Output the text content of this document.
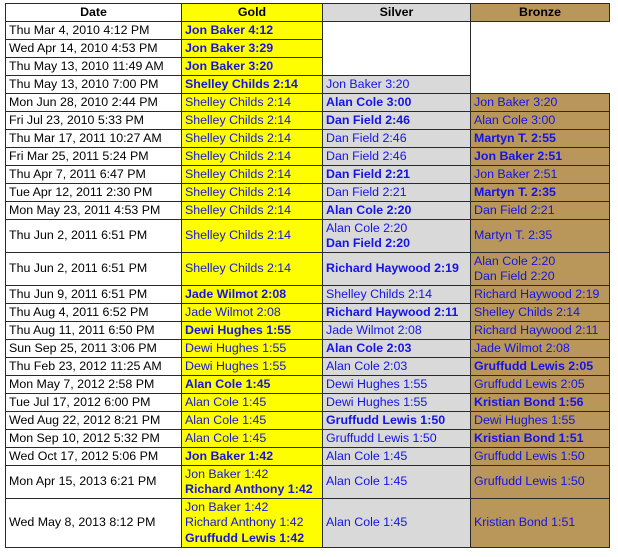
Date	Gold	Silver	Bronze
Thu Mar 4, 2010 4:12 PM	Jon Baker 4:12		

Wed Apr 14, 2010 4:53 PM	Jon Baker 3:29		

Thu May 13, 2010 11:49 AM	Jon Baker 3:20		

Thu May 13, 2010 7:00 PM	Shelley Childs 2:14	Jon Baker 3:20	

Mon Jun 28, 2010 2:44 PM	Shelley Childs 2:14	Alan Cole 3:00	Jon Baker 3:20

Fri Jul 23, 2010 5:33 PM	Shelley Childs 2:14	Dan Field 2:46	Alan Cole 3:00

Thu Mar 17, 2011 10:27 AM	Shelley Childs 2:14	Dan Field 2:46	Martyn T. 2:55

Fri Mar 25, 2011 5:24 PM	Shelley Childs 2:14	Dan Field 2:46	Jon Baker 2:51

Thu Apr 7, 2011 6:47 PM	Shelley Childs 2:14	Dan Field 2:21	Jon Baker 2:51

Tue Apr 12, 2011 2:30 PM	Shelley Childs 2:14	Dan Field 2:21	Martyn T. 2:35

Mon May 23, 2011 4:53 PM	Shelley Childs 2:14	Alan Cole 2:20	Dan Field 2:21

Thu Jun 2, 2011 6:51 PM	Shelley Childs 2:14	Alan Cole 2:20
Dan Field 2:20	Martyn T. 2:35

Thu Jun 2, 2011 6:51 PM	Shelley Childs 2:14	Richard Haywood 2:19	Alan Cole 2:20
Dan Field 2:20

Thu Jun 9, 2011 6:51 PM	Jade Wilmot 2:08	Shelley Childs 2:14	Richard Haywood 2:19

Thu Aug 4, 2011 6:52 PM	Jade Wilmot 2:08	Richard Haywood 2:11	Shelley Childs 2:14

Thu Aug 11, 2011 6:50 PM	Dewi Hughes 1:55	Jade Wilmot 2:08	Richard Haywood 2:11

Sun Sep 25, 2011 3:06 PM	Dewi Hughes 1:55	Alan Cole 2:03	Jade Wilmot 2:08

Thu Feb 23, 2012 11:25 AM	Dewi Hughes 1:55	Alan Cole 2:03	Gruffudd Lewis 2:05

Mon May 7, 2012 2:58 PM	Alan Cole 1:45	Dewi Hughes 1:55	Gruffudd Lewis 2:05

Tue Jul 17, 2012 6:00 PM	Alan Cole 1:45	Dewi Hughes 1:55	Kristian Bond 1:56

Wed Aug 22, 2012 8:21 PM	Alan Cole 1:45	Gruffudd Lewis 1:50	Dewi Hughes 1:55

Mon Sep 10, 2012 5:32 PM	Alan Cole 1:45	Gruffudd Lewis 1:50	Kristian Bond 1:51

Wed Oct 17, 2012 5:06 PM	Jon Baker 1:42	Alan Cole 1:45	Gruffudd Lewis 1:50

Mon Apr 15, 2013 6:21 PM	Jon Baker 1:42
Richard Anthony 1:42	Alan Cole 1:45	Gruffudd Lewis 1:50

Wed May 8, 2013 8:12 PM	Jon Baker 1:42
Richard Anthony 1:42
Gruffudd Lewis 1:42	Alan Cole 1:45	Kristian Bond 1:51
